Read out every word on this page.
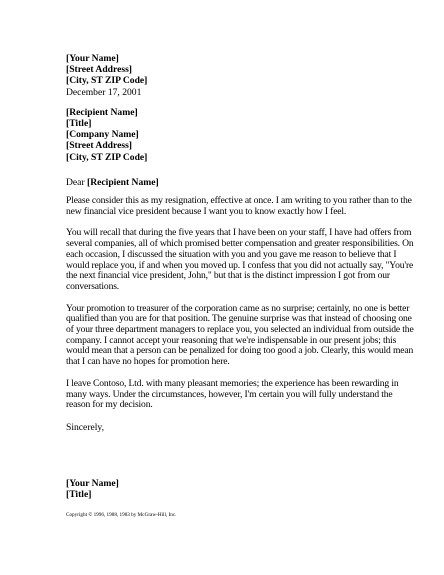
[Your Name]
[Street Address]
[City, ST ZIP Code]
December 17, 2001
[Recipient Name]
[Title]
[Company Name]
[Street Address]
[City, ST ZIP Code]
Dear [Recipient Name]

Please consider this as my resignation, effective at once. I am writing to you rather than to the new financial vice president because I want you to know exactly how I feel.

You will recall that during the five years that I have been on your staff, I have had offers from several companies, all of which promised better compensation and greater responsibilities. On each occasion, I discussed the situation with you and you gave me reason to believe that I would replace you, if and when you moved up. I confess that you did not actually say, "You're the next financial vice president, John," but that is the distinct impression I got from our conversations.

Your promotion to treasurer of the corporation came as no surprise; certainly, no one is better qualified than you are for that position. The genuine surprise was that instead of choosing one of your three department managers to replace you, you selected an individual from outside the company. I cannot accept your reasoning that we're indispensable in our present jobs; this would mean that a person can be penalized for doing too good a job. Clearly, this would mean that I can have no hopes for promotion here.

I leave Contoso, Ltd. with many pleasant memories; the experience has been rewarding in many ways. Under the circumstances, however, I'm certain you will fully understand the reason for my decision.

Sincerely,
[Your Name]
[Title]
Copyright © 1996, 1988, 1983 by McGraw-Hill, Inc.
